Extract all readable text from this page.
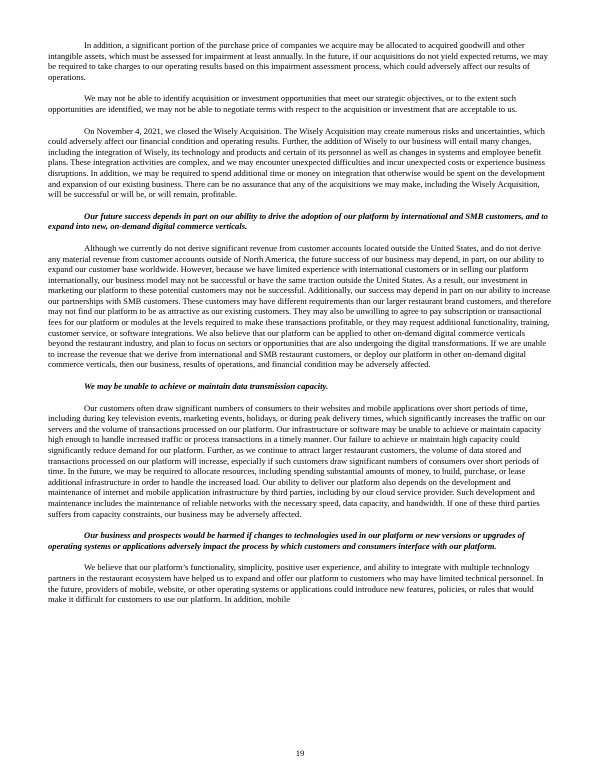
In addition, a significant portion of the purchase price of companies we acquire may be allocated to acquired goodwill and other intangible assets, which must be assessed for impairment at least annually. In the future, if our acquisitions do not yield expected returns, we may be required to take charges to our operating results based on this impairment assessment process, which could adversely affect our results of operations.

We may not be able to identify acquisition or investment opportunities that meet our strategic objectives, or to the extent such opportunities are identified, we may not be able to negotiate terms with respect to the acquisition or investment that are acceptable to us.

On November 4, 2021, we closed the Wisely Acquisition. The Wisely Acquisition may create numerous risks and uncertainties, which could adversely affect our financial condition and operating results. Further, the addition of Wisely to our business will entail many changes, including the integration of Wisely, its technology and products and certain of its personnel as well as changes in systems and employee benefit plans. These integration activities are complex, and we may encounter unexpected difficulties and incur unexpected costs or experience business disruptions. In addition, we may be required to spend additional time or money on integration that otherwise would be spent on the development and expansion of our existing business. There can be no assurance that any of the acquisitions we may make, including the Wisely Acquisition, will be successful or will be, or will remain, profitable.

Our future success depends in part on our ability to drive the adoption of our platform by international and SMB customers, and to expand into new, on-demand digital commerce verticals.

Although we currently do not derive significant revenue from customer accounts located outside the United States, and do not derive any material revenue from customer accounts outside of North America, the future success of our business may depend, in part, on our ability to expand our customer base worldwide. However, because we have limited experience with international customers or in selling our platform internationally, our business model may not be successful or have the same traction outside the United States. As a result, our investment in marketing our platform to these potential customers may not be successful. Additionally, our success may depend in part on our ability to increase our partnerships with SMB customers. These customers may have different requirements than our larger restaurant brand customers, and therefore may not find our platform to be as attractive as our existing customers. They may also be unwilling to agree to pay subscription or transactional fees for our platform or modules at the levels required to make these transactions profitable, or they may request additional functionality, training, customer service, or software integrations. We also believe that our platform can be applied to other on-demand digital commerce verticals beyond the restaurant industry, and plan to focus on sectors or opportunities that are also undergoing the digital transformations. If we are unable to increase the revenue that we derive from international and SMB restaurant customers, or deploy our platform in other on-demand digital commerce verticals, then our business, results of operations, and financial condition may be adversely affected.

We may be unable to achieve or maintain data transmission capacity.

Our customers often draw significant numbers of consumers to their websites and mobile applications over short periods of time, including during key television events, marketing events, holidays, or during peak delivery times, which significantly increases the traffic on our servers and the volume of transactions processed on our platform. Our infrastructure or software may be unable to achieve or maintain capacity high enough to handle increased traffic or process transactions in a timely manner. Our failure to achieve or maintain high capacity could significantly reduce demand for our platform. Further, as we continue to attract larger restaurant customers, the volume of data stored and transactions processed on our platform will increase, especially if such customers draw significant numbers of consumers over short periods of time. In the future, we may be required to allocate resources, including spending substantial amounts of money, to build, purchase, or lease additional infrastructure in order to handle the increased load. Our ability to deliver our platform also depends on the development and maintenance of internet and mobile application infrastructure by third parties, including by our cloud service provider. Such development and maintenance includes the maintenance of reliable networks with the necessary speed, data capacity, and bandwidth. If one of these third parties suffers from capacity constraints, our business may be adversely affected.

Our business and prospects would be harmed if changes to technologies used in our platform or new versions or upgrades of operating systems or applications adversely impact the process by which customers and consumers interface with our platform.

We believe that our platform’s functionality, simplicity, positive user experience, and ability to integrate with multiple technology partners in the restaurant ecosystem have helped us to expand and offer our platform to customers who may have limited technical personnel. In the future, providers of mobile, website, or other operating systems or applications could introduce new features, policies, or rules that would make it difficult for customers to use our platform. In addition, mobile

19
